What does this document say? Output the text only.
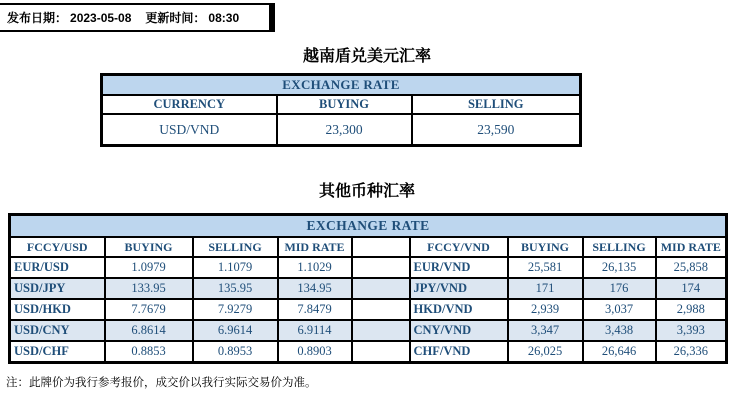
发布日期： 2023-05-08 更新时间： 08:30
越南盾兑美元汇率
EXCHANGE RATE		
CURRENCY	BUYING	SELLING
USD/VND	23,300	23,590
其他币种汇率
EXCHANGE RATE								
FCCY/USD	BUYING	SELLING	MID RATE		FCCY/VND	BUYING	SELLING	MID RATE
EUR/USD	1.0979	1.1079	1.1029		EUR/VND	25,581	26,135	25,858
USD/JPY	133.95	135.95	134.95		JPY/VND	171	176	174
USD/HKD	7.7679	7.9279	7.8479		HKD/VND	2,939	3,037	2,988
USD/CNY	6.8614	6.9614	6.9114		CNY/VND	3,347	3,438	3,393
USD/CHF	0.8853	0.8953	0.8903		CHF/VND	26,025	26,646	26,336
注：此牌价为我行参考报价，成交价以我行实际交易价为准。
